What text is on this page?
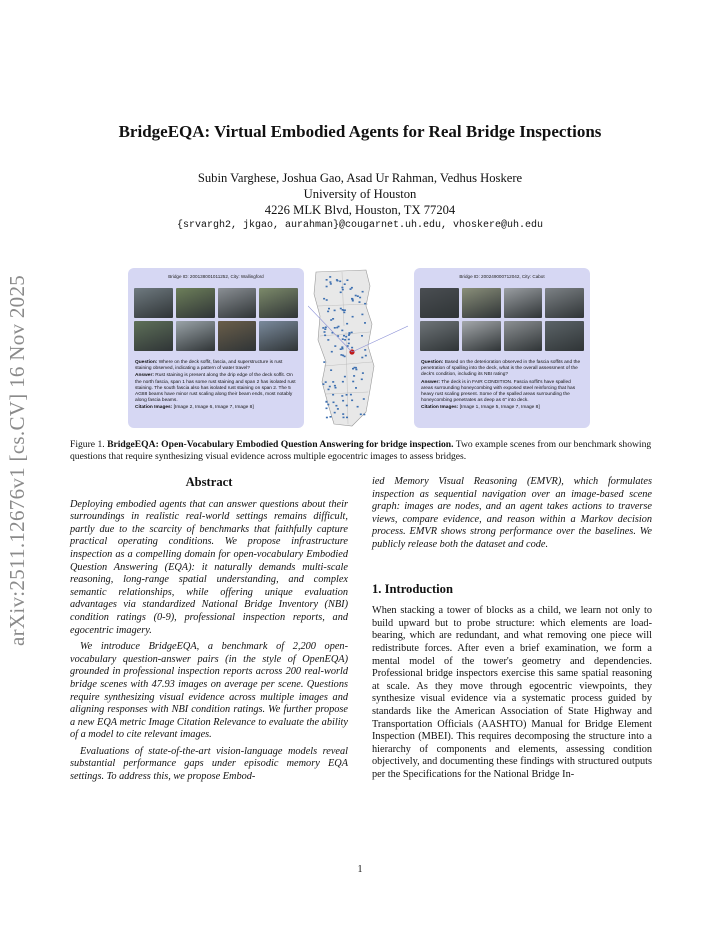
arXiv:2511.12676v1 [cs.CV] 16 Nov 2025
BridgeEQA: Virtual Embodied Agents for Real Bridge Inspections
Subin Varghese, Joshua Gao, Asad Ur Rahman, Vedhus Hoskere
University of Houston
4226 MLK Blvd, Houston, TX 77204
{srvargh2, jkgao, aurahman}@cougarnet.uh.edu, vhoskere@uh.edu
Bridge ID: 200138001011252, City: Wallingford

Question: Where on the deck soffit, fascia, and superstructure is rust staining observed, indicating a pattern of water travel?

Answer: Rust staining is present along the drip edge of the deck soffit. On the north fascia, span 1 has some rust staining and span 2 has isolated rust staining. The south fascia also has isolated rust staining on span 2. The 5 AG88 beams have minor rust scaling along their beam ends, most notably along fascia beams.

Citation Images: [Image 2, Image 6, Image 7, Image 8]

Bridge ID: 200249000712042, City: Cabot

Question: Based on the deterioration observed in the fascia soffits and the penetration of spalling into the deck, what is the overall assessment of the deck's condition, including its NBI rating?

Answer: The deck is in FAIR CONDITION. Fascia soffit's have spalled areas surrounding honeycombing with exposed steel reinforcing that has heavy rust scaling present. Some of the spalled areas surrounding the honeycombing penetrates as deep as 6" into deck.

Citation Images: [Image 1, Image 5, Image 7, Image 8]

Figure 1. BridgeEQA: Open-Vocabulary Embodied Question Answering for bridge inspection. Two example scenes from our benchmark showing questions that require synthesizing visual evidence across multiple egocentric images to assess bridges.
Abstract

Deploying embodied agents that can answer questions about their surroundings in realistic real-world settings remains difficult, partly due to the scarcity of benchmarks that faithfully capture practical operating conditions. We propose infrastructure inspection as a compelling domain for open-vocabulary Embodied Question Answering (EQA): it naturally demands multi-scale reasoning, long-range spatial understanding, and complex semantic relationships, while offering unique evaluation advantages via standardized National Bridge Inventory (NBI) condition ratings (0-9), professional inspection reports, and egocentric imagery.

We introduce BridgeEQA, a benchmark of 2,200 open-vocabulary question-answer pairs (in the style of OpenEQA) grounded in professional inspection reports across 200 real-world bridge scenes with 47.93 images on average per scene. Questions require synthesizing visual evidence across multiple images and aligning responses with NBI condition ratings. We further propose a new EQA metric Image Citation Relevance to evaluate the ability of a model to cite relevant images.

Evaluations of state-of-the-art vision-language models reveal substantial performance gaps under episodic memory EQA settings. To address this, we propose Embod-

ied Memory Visual Reasoning (EMVR), which formulates inspection as sequential navigation over an image-based scene graph: images are nodes, and an agent takes actions to traverse views, compare evidence, and reason within a Markov decision process. EMVR shows strong performance over the baselines. We publicly release both the dataset and code.

1. Introduction

When stacking a tower of blocks as a child, we learn not only to build upward but to probe structure: which elements are load-bearing, which are redundant, and what removing one piece will redistribute forces. After even a brief examination, we form a mental model of the tower's geometry and dependencies. Professional bridge inspectors exercise this same spatial reasoning at scale. As they move through egocentric viewpoints, they synthesize visual evidence via a systematic process guided by standards like the American Association of State Highway and Transportation Officials (AASHTO) Manual for Bridge Element Inspection (MBEI). This requires decomposing the structure into a hierarchy of components and elements, assessing condition objectively, and documenting these findings with structured outputs per the Specifications for the National Bridge In-

1
